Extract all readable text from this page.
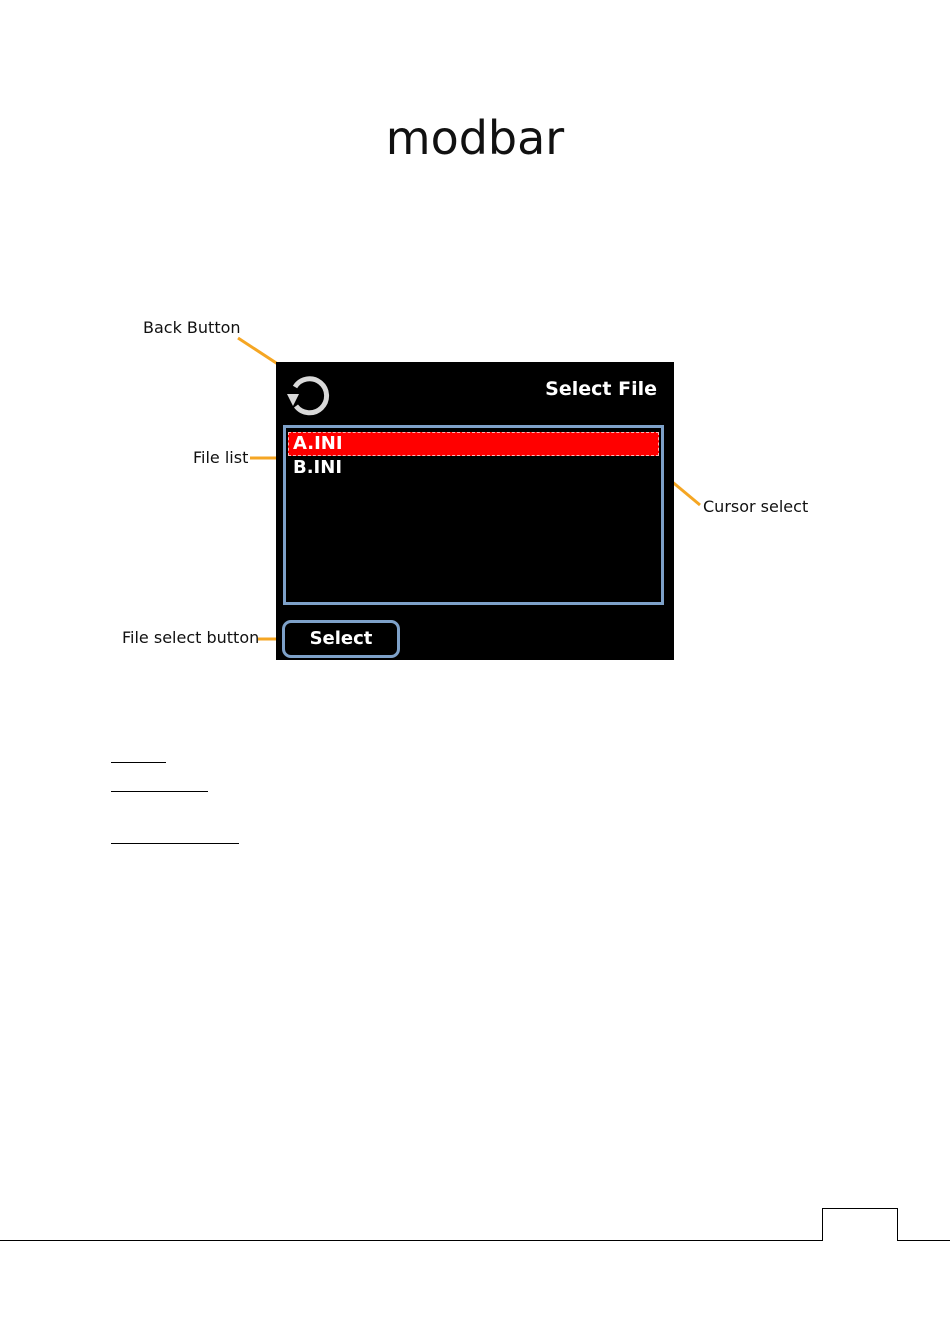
modbar
Back Button
File list
Cursor select
File select button
Select File
A.INI
B.INI
Select
